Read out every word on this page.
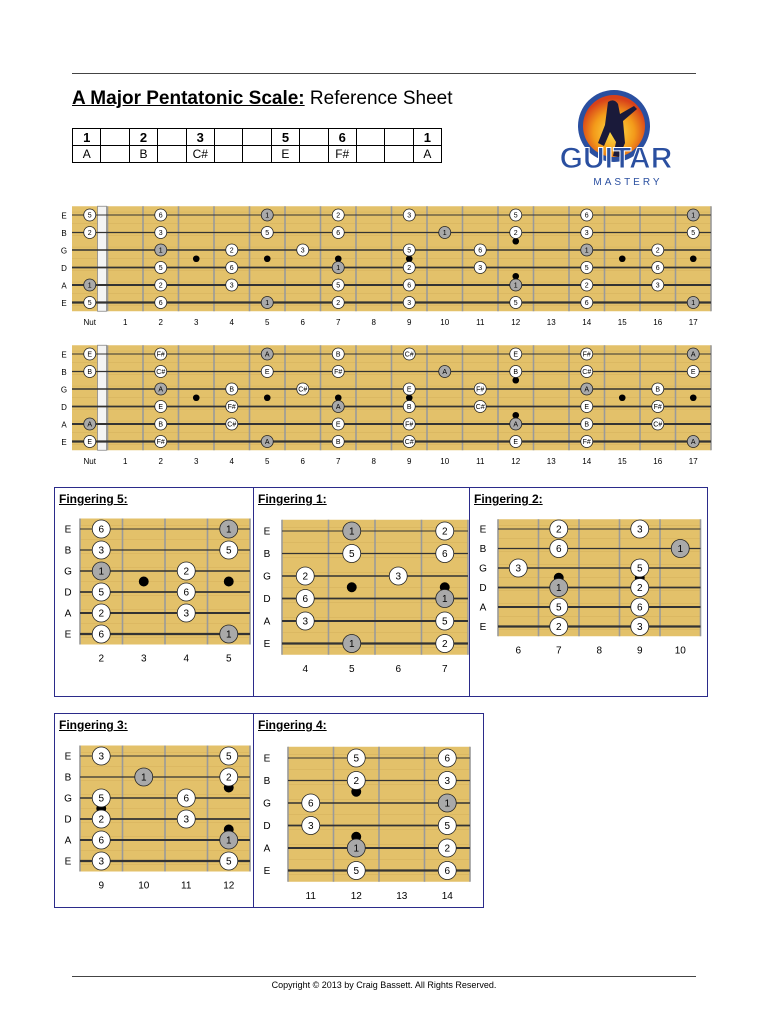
A Major Pentatonic Scale: Reference Sheet
1		2		3			5		6			1
A		B		C#			E		F#			A	GUITAR
MASTERY
E
B
G
D
A
E
Nut	1	2	3	4	5	6	7	8	9	10	11	12	13	14	15	16	17
5	6	1	2	3	5	6	1
2	3	5	6	1	2	3	5
1	2	3	5	6	1	2
5	6	1	2	3	5	6
1	2	3	5	6	1	2	3
5	6	1	2	3	5	6	1
E
B
G
D
A
E
Nut	1	2	3	4	5	6	7	8	9	10	11	12	13	14	15	16	17
E	F#	A	B	C#	E	F#	A
B	C#	E	F#	A	B	C#	E
A	B	C#	E	F#	A	B
E	F#	A	B	C#	E	F#
A	B	C#	E	F#	A	B	C#
E	F#	A	B	C#	E	F#	A
Fingering 5:	Fingering 1:	Fingering 2:
Fingering 3:	Fingering 4:
E
B
G
D
A
E
2	3	4	5
6	1
3	5
1	2
5	6
2	3
6	1
E
B
G
D
A
E
4	5	6	7
1	2
5	6
2	3
6	1
3	5
1	2
E
B
G
D
A
E
6	7	8	9	10
2	3
6	1
3	5
1	2
5	6
2	3
E
B
G
D
A
E
9	10	11	12
3	5
1	2
5	6
2	3
6	1
3	5
E
B
G
D
A
E
11	12	13	14
5	6
2	3
6	1
3	5
1	2
5	6
Copyright © 2013 by Craig Bassett. All Rights Reserved.
